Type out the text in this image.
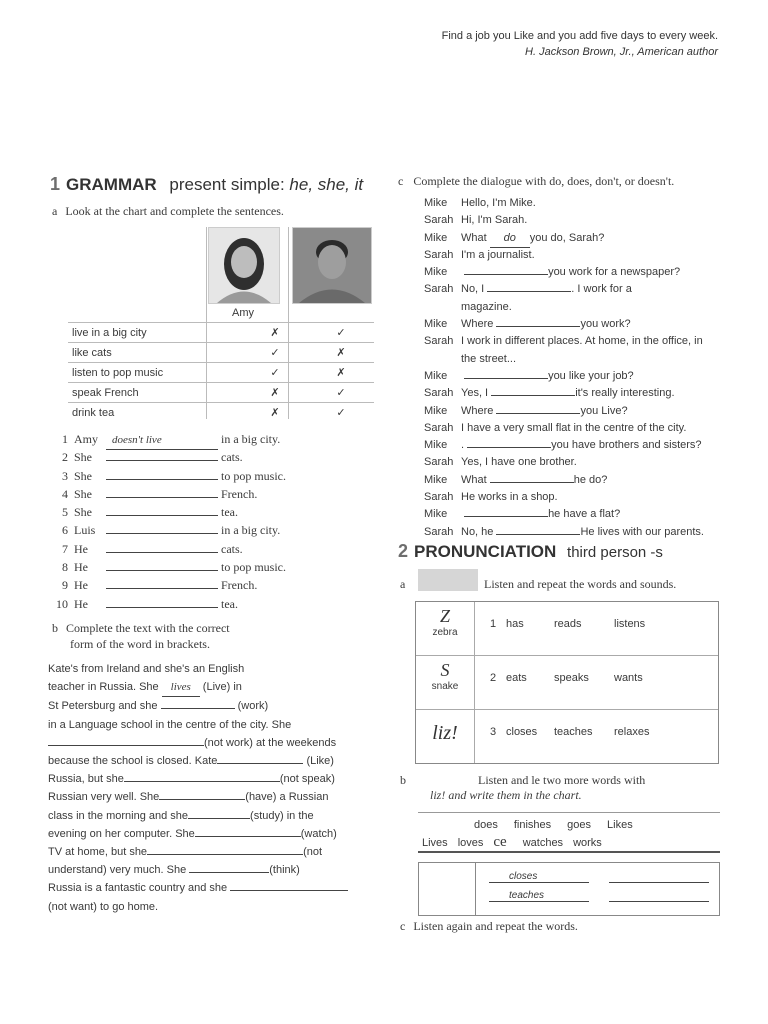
Find a job you Like and you add five days to every week.
H. Jackson Brown, Jr., American author
1 GRAMMAR present simple: he, she, it
a Look at the chart and complete the sentences.
Amy
live in a big city	✗	✓
like cats	✓	✗
listen to pop music	✓	✗
speak French	✗	✓
drink tea	✗	✓
1 Amy doesn't live	in a big city.
2 She	cats.
3 She	to pop music.
4 She	French.
5 She	tea.
6 Luis	in a big city.
7 He	cats.
8 He	to pop music.
9 He	French.
10 He	tea.
b Complete the text with the correct
form of the word in brackets.
Kate's from Ireland and she's an English
teacher in Russia. She lives (Live) in
St Petersburg and she	(work)
in a Language school in the centre of the city. She
(not work) at the weekends
because the school is closed. Kate	(Like)
Russia, but she	(not speak)
Russian very well. She	(have) a Russian
class in the morning and she	(study) in the
evening on her computer. She	(watch)
TV at home, but she	(not
understand) very much. She	(think)
Russia is a fantastic country and she
(not want) to go home.
c Complete the dialogue with do, does, don't, or doesn't.
Mike Hello, I'm Mike.
Sarah Hi, I'm Sarah.
Mike What do you do, Sarah?
Sarah I'm a journalist.
Mike	you work for a newspaper?
Sarah No, I	. I work for a
magazine.
Mike Where	you work?
Sarah I work in different places. At home, in the office, in
the street...
Mike	you like your job?
Sarah Yes, I	it's really interesting.
Mike Where	you Live?
Sarah I have a very small flat in the centre of the city.
Mike .	you have brothers and sisters?
Sarah Yes, I have one brother.
Mike What	he do?
Sarah He works in a shop.
Mike	he have a flat?
Sarah No, he	He lives with our parents.
2 PRONUNCIATION third person -s
a	Listen and repeat the words and sounds.
Z
zebra
1 has	reads	listens
S
snake
2 eats speaks wants
liz!	3 closes teaches relaxes
b	Listen and le two more words with
liz! and write them in the chart.
does finishes goes Likes
Lives loves ce watches works
closes
teaches
c Listen again and repeat the words.
